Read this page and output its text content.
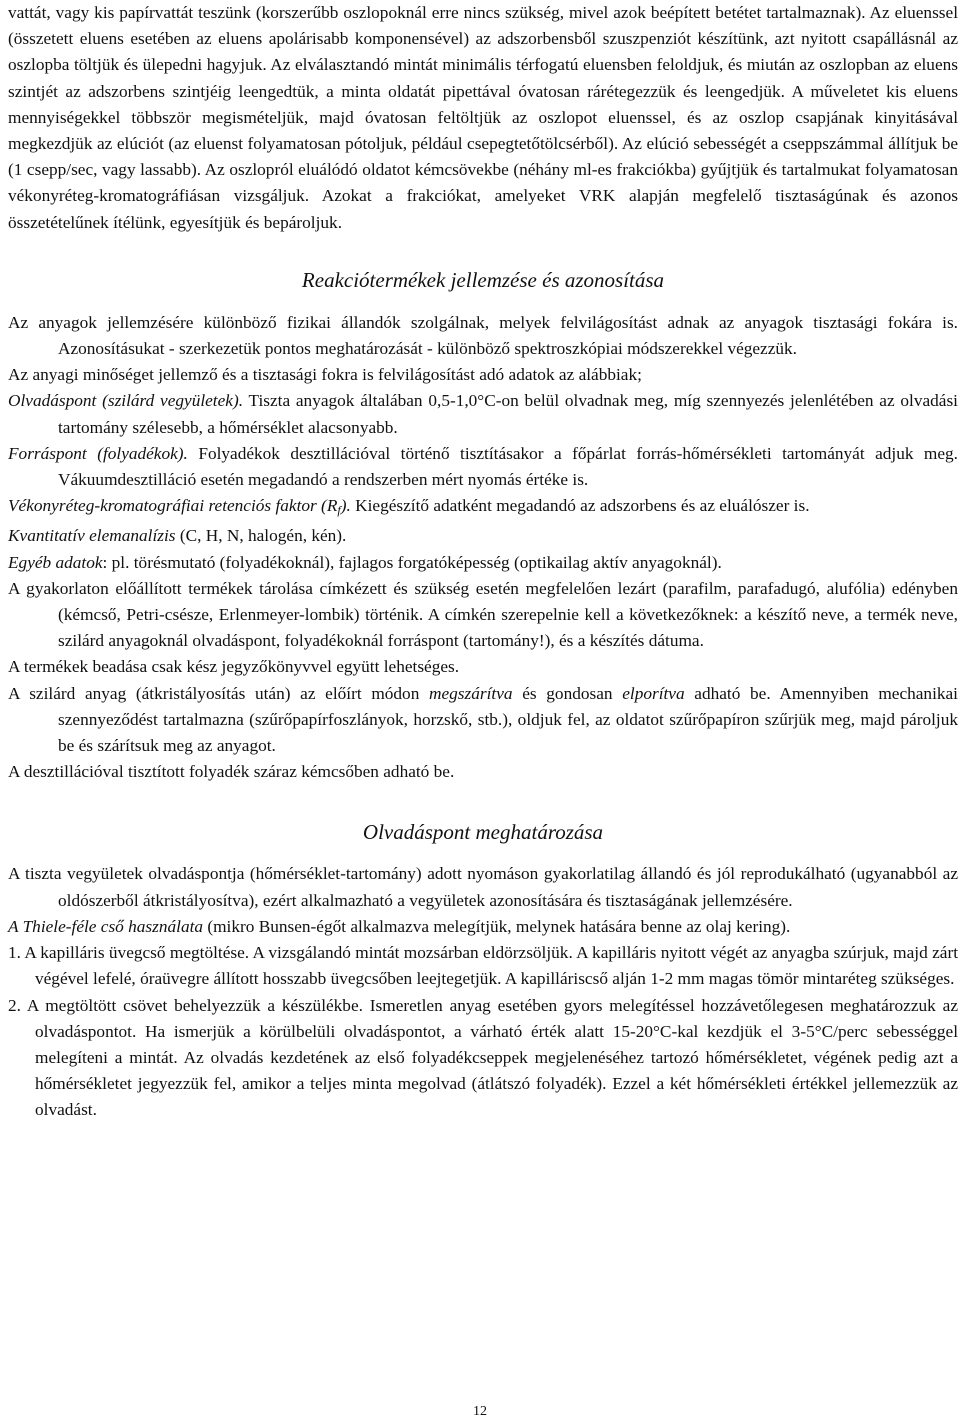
vattát, vagy kis papírvattát teszünk (korszerűbb oszlopoknál erre nincs szükség, mivel azok beépített betétet tartalmaznak). Az eluenssel (összetett eluens esetében az eluens apolárisabb komponensével) az adszorbensből szuszpenziót készítünk, azt nyitott csapállásnál az oszlopba töltjük és ülepedni hagyjuk. Az elválasztandó mintát minimális térfogatú eluensben feloldjuk, és miután az oszlopban az eluens szintjét az adszorbens szintjéig leengedtük, a minta oldatát pipettával óvatosan rárétegezzük és leengedjük. A műveletet kis eluens mennyiségekkel többször megismételjük, majd óvatosan feltöltjük az oszlopot eluenssel, és az oszlop csapjának kinyitásával megkezdjük az elúciót (az eluenst folyamatosan pótoljuk, például csepegtetőtölcsérből). Az elúció sebességét a cseppszámmal állítjuk be (1 csepp/sec, vagy lassabb). Az oszlopról eluálódó oldatot kémcsövekbe (néhány ml-es frakciókba) gyűjtjük és tartalmukat folyamatosan vékonyréteg-kromatográfiásan vizsgáljuk. Azokat a frakciókat, amelyeket VRK alapján megfelelő tisztaságúnak és azonos összetételűnek ítélünk, egyesítjük és bepároljuk.

Reakciótermékek jellemzése és azonosítása

Az anyagok jellemzésére különböző fizikai állandók szolgálnak, melyek felvilágosítást adnak az anyagok tisztasági fokára is. Azonosításukat - szerkezetük pontos meghatározását - különböző spektroszkópiai módszerekkel végezzük.

Az anyagi minőséget jellemző és a tisztasági fokra is felvilágosítást adó adatok az alábbiak;

Olvadáspont (szilárd vegyületek). Tiszta anyagok általában 0,5-1,0°C-on belül olvadnak meg, míg szennyezés jelenlétében az olvadási tartomány szélesebb, a hőmérséklet alacsonyabb.

Forráspont (folyadékok). Folyadékok desztillációval történő tisztításakor a főpárlat forrás-hőmérsékleti tartományát adjuk meg. Vákuumdesztilláció esetén megadandó a rendszerben mért nyomás értéke is.

Vékonyréteg-kromatográfiai retenciós faktor $(R_f)$. Kiegészítő adatként megadandó az adszorbens és az eluálószer is.

Kvantitatív elemanalízis (C, H, N, halogén, kén).

Egyéb adatok: pl. törésmutató (folyadékoknál), fajlagos forgatóképesség (optikailag aktív anyagoknál).

A gyakorlaton előállított termékek tárolása címkézett és szükség esetén megfelelően lezárt (parafilm, parafadugó, alufólia) edényben (kémcső, Petri-csésze, Erlenmeyer-lombik) történik. A címkén szerepelnie kell a következőknek: a készítő neve, a termék neve, szilárd anyagoknál olvadáspont, folyadékoknál forráspont (tartomány!), és a készítés dátuma.

A termékek beadása csak kész jegyzőkönyvvel együtt lehetséges.

A szilárd anyag (átkristályosítás után) az előírt módon megszárítva és gondosan elporítva adható be. Amennyiben mechanikai szennyeződést tartalmazna (szűrőpapírfoszlányok, horzskő, stb.), oldjuk fel, az oldatot szűrőpapíron szűrjük meg, majd pároljuk be és szárítsuk meg az anyagot.

A desztillációval tisztított folyadék száraz kémcsőben adható be.

Olvadáspont meghatározása

A tiszta vegyületek olvadáspontja (hőmérséklet-tartomány) adott nyomáson gyakorlatilag állandó és jól reprodukálható (ugyanabból az oldószerből átkristályosítva), ezért alkalmazható a vegyületek azonosítására és tisztaságának jellemzésére.

A Thiele-féle cső használata (mikro Bunsen-égőt alkalmazva melegítjük, melynek hatására benne az olaj kering).

1. A kapilláris üvegcső megtöltése. A vizsgálandó mintát mozsárban eldörzsöljük. A kapilláris nyitott végét az anyagba szúrjuk, majd zárt végével lefelé, óraüvegre állított hosszabb üvegcsőben leejtegetjük. A kapilláriscső alján 1-2 mm magas tömör mintaréteg szükséges.

2. A megtöltött csövet behelyezzük a készülékbe. Ismeretlen anyag esetében gyors melegítéssel hozzávetőlegesen meghatározzuk az olvadáspontot. Ha ismerjük a körülbelüli olvadáspontot, a várható érték alatt 15-20°C-kal kezdjük el 3-5°C/perc sebességgel melegíteni a mintát. Az olvadás kezdetének az első folyadékcseppek megjelenéséhez tartozó hőmérsékletet, végének pedig azt a hőmérsékletet jegyezzük fel, amikor a teljes minta megolvad (átlátszó folyadék). Ezzel a két hőmérsékleti értékkel jellemezzük az olvadást.

12
